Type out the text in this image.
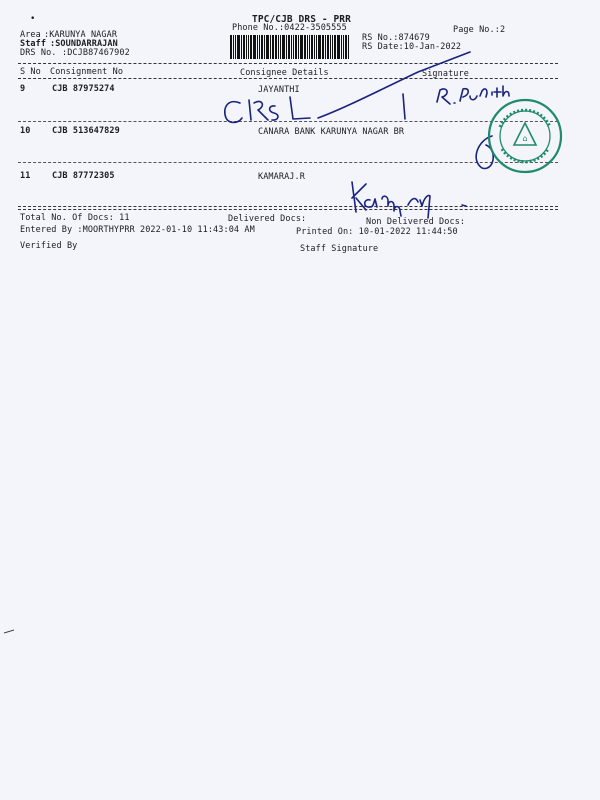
•	TPC/CJB DRS - PRR
Phone No.:0422-3505555	Page No.:2
Area :KARUNYA NAGAR
Staff :SOUNDARRAJAN
DRS No. :DCJB87467902
RS No.:874679
RS Date:10-Jan-2022
S No Consignment No	Consignee Details	Signature
9	CJB 87975274	JAYANTHI
10	CJB 513647829	CANARA BANK KARUNYA NAGAR BR
11	CJB 87772305	KAMARAJ.R
Total No. Of Docs: 11	Delivered Docs:	Non Delivered Docs:
Entered By :MOORTHYPRR 2022-01-10 11:43:04 AM	Printed On: 10-01-2022 11:44:50
Verified By	Staff Signature
⌂
